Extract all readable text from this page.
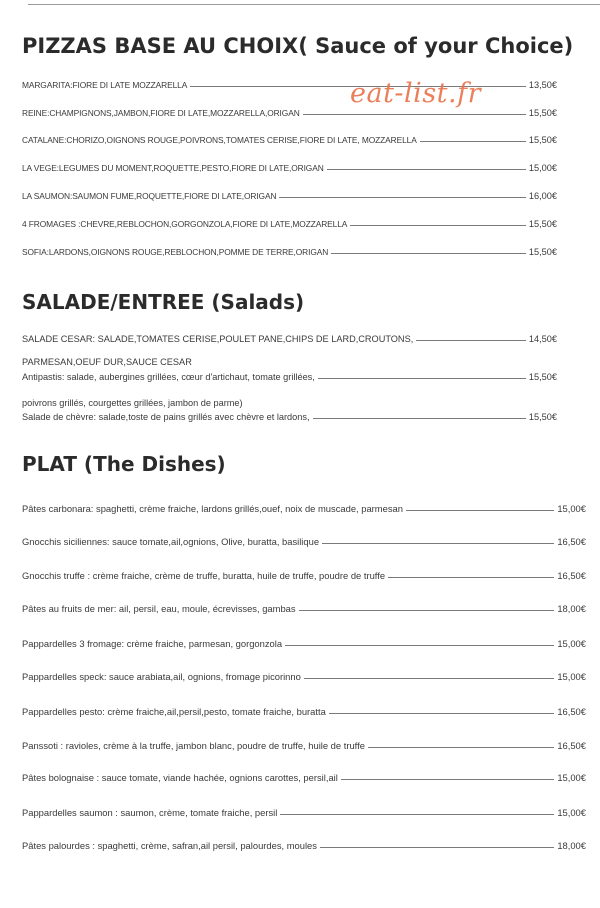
PIZZAS BASE AU CHOIX( Sauce of your Choice)
MARGARITA:FIORE DI LATE MOZZARELLA	13,50€
REINE:CHAMPIGNONS,JAMBON,FIORE DI LATE,MOZZARELLA,ORIGAN	15,50€
CATALANE:CHORIZO,OIGNONS ROUGE,POIVRONS,TOMATES CERISE,FIORE DI LATE, MOZZARELLA	15,50€
LA VEGE:LEGUMES DU MOMENT,ROQUETTE,PESTO,FIORE DI LATE,ORIGAN	15,00€
LA SAUMON:SAUMON FUME,ROQUETTE,FIORE DI LATE,ORIGAN	16,00€
4 FROMAGES :CHEVRE,REBLOCHON,GORGONZOLA,FIORE DI LATE,MOZZARELLA	15,50€
SOFIA:LARDONS,OIGNONS ROUGE,REBLOCHON,POMME DE TERRE,ORIGAN	15,50€
eat-list.fr
SALADE/ENTREE (Salads)
SALADE CESAR: SALADE,TOMATES CERISE,POULET PANE,CHIPS DE LARD,CROUTONS,	14,50€
PARMESAN,OEUF DUR,SAUCE CESAR
Antipastis: salade, aubergines grillées, cœur d'artichaut, tomate grillées,	15,50€
poivrons grillés, courgettes grillées, jambon de parme)
Salade de chèvre: salade,toste de pains grillés avec chèvre et lardons,	15,50€
PLAT (The Dishes)
Pâtes carbonara: spaghetti, crème fraiche, lardons grillés,ouef, noix de muscade, parmesan	15,00€
Gnocchis siciliennes: sauce tomate,ail,ognions, Olive, buratta, basilique	16,50€
Gnocchis truffe : crème fraiche, crème de truffe, buratta, huile de truffe, poudre de truffe	16,50€
Pâtes au fruits de mer: ail, persil, eau, moule, écrevisses, gambas	18,00€
Pappardelles 3 fromage: crème fraiche, parmesan, gorgonzola	15,00€
Pappardelles speck: sauce arabiata,ail, ognions, fromage picorinno	15,00€
Pappardelles pesto: crème fraiche,ail,persil,pesto, tomate fraiche, buratta	16,50€
Panssoti : ravioles, crème à la truffe, jambon blanc, poudre de truffe, huile de truffe	16,50€
Pâtes bolognaise : sauce tomate, viande hachée, ognions carottes, persil,ail	15,00€
Pappardelles saumon : saumon, crème, tomate fraiche, persil	15,00€
Pâtes palourdes : spaghetti, crème, safran,ail persil, palourdes, moules	18,00€
